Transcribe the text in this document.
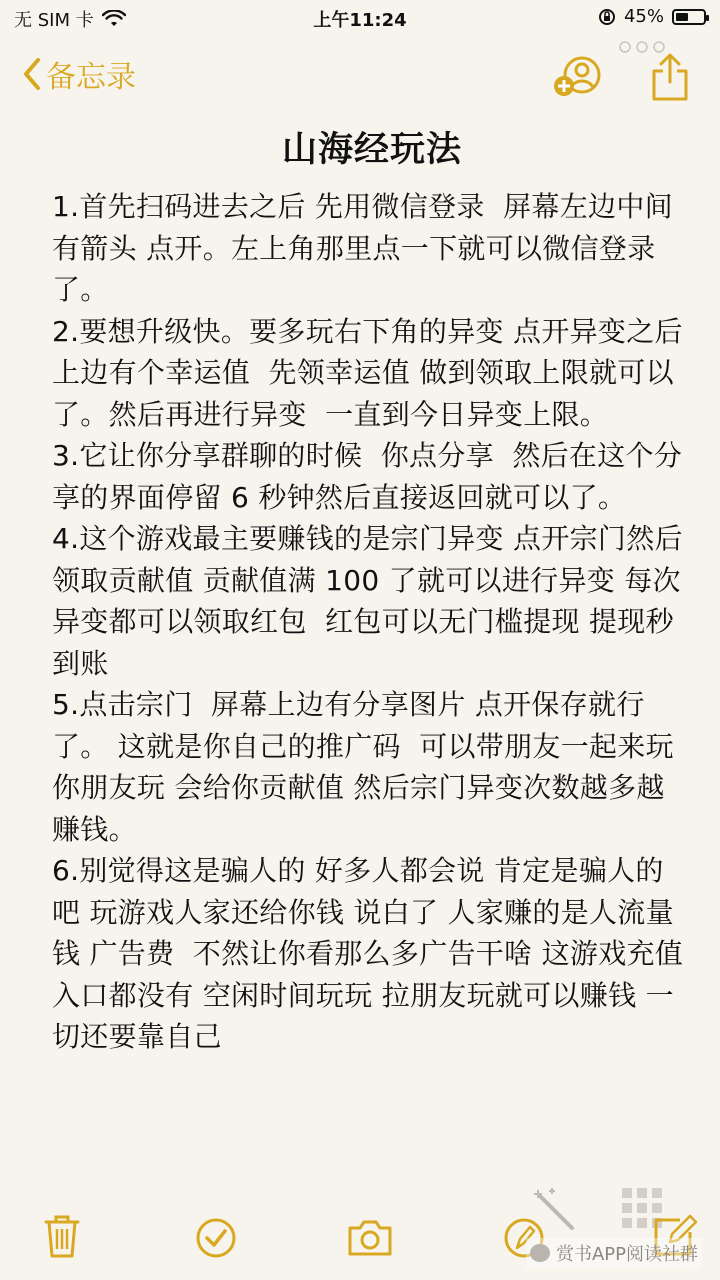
无 SIM 卡	上午11:24	45%
备忘录
山海经玩法
1.首先扫码进去之后 先用微信登录  屏幕左边中间有箭头 点开。左上角那里点一下就可以微信登录了。
2.要想升级快。要多玩右下角的异变 点开异变之后上边有个幸运值  先领幸运值 做到领取上限就可以了。然后再进行异变  一直到今日异变上限。
3.它让你分享群聊的时候  你点分享  然后在这个分享的界面停留 6 秒钟然后直接返回就可以了。
4.这个游戏最主要赚钱的是宗门异变 点开宗门然后领取贡献值 贡献值满 100 了就可以进行异变 每次异变都可以领取红包  红包可以无门槛提现 提现秒到账
5.点击宗门  屏幕上边有分享图片 点开保存就行了。 这就是你自己的推广码  可以带朋友一起来玩 你朋友玩 会给你贡献值 然后宗门异变次数越多越赚钱。
6.别觉得这是骗人的 好多人都会说 肯定是骗人的吧 玩游戏人家还给你钱 说白了 人家赚的是人流量钱 广告费  不然让你看那么多广告干啥 这游戏充值入口都没有 空闲时间玩玩 拉朋友玩就可以赚钱 一切还要靠自己
赏书APP阅读社群
